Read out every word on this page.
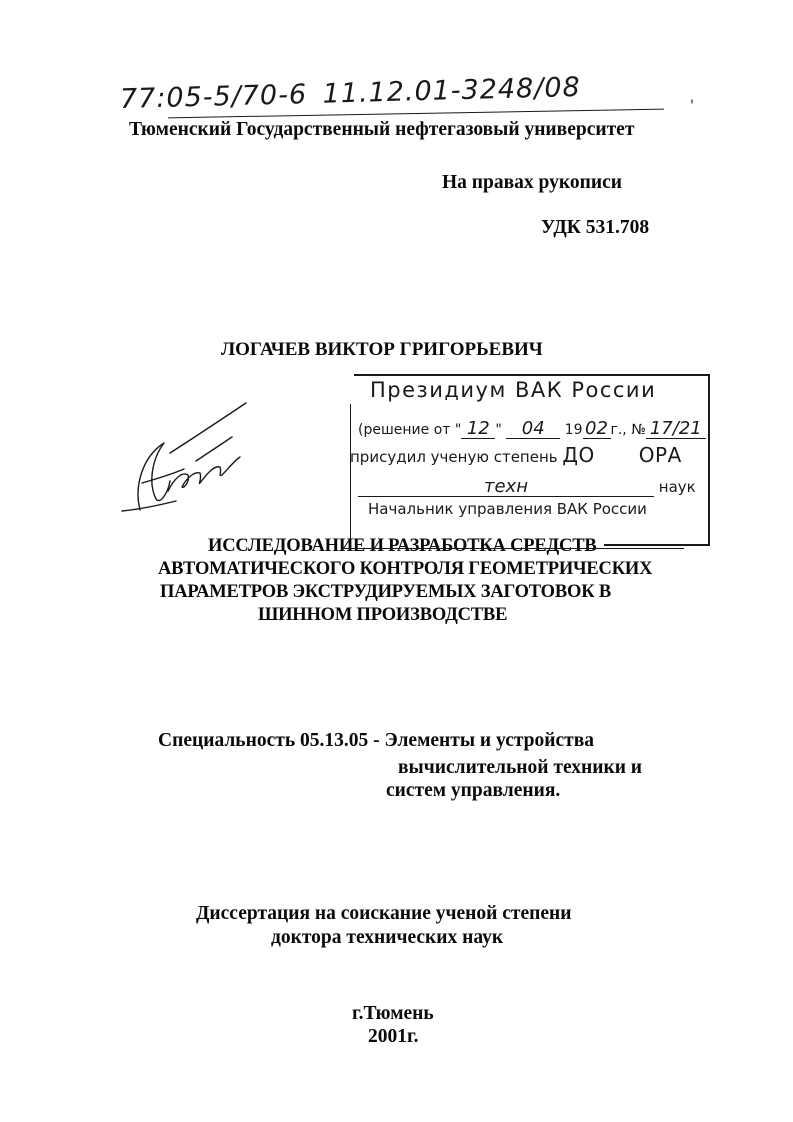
77:05-5/70-6 11.12.01-3248/08	'
Тюменский Государственный нефтегазовый университет
На правах рукописи
УДК 531.708
ЛОГАЧЕВ ВИКТОР ГРИГОРЬЕВИЧ
Президиум ВАК России
(решение от " 12 " 04 19 02 г., № 17/21
присудил ученую степень ДО ОРА
техн	наук
Начальник управления ВАК России
ИССЛЕДОВАНИЕ И РАЗРАБОТКА СРЕДСТВ
АВТОМАТИЧЕСКОГО КОНТРОЛЯ ГЕОМЕТРИЧЕСКИХ
ПАРАМЕТРОВ ЭКСТРУДИРУЕМЫХ ЗАГОТОВОК В
ШИННОМ ПРОИЗВОДСТВЕ
Специальность 05.13.05 - Элементы и устройства
вычислительной техники и
систем управления.
Диссертация на соискание ученой степени
доктора технических наук
г.Тюмень
2001г.
